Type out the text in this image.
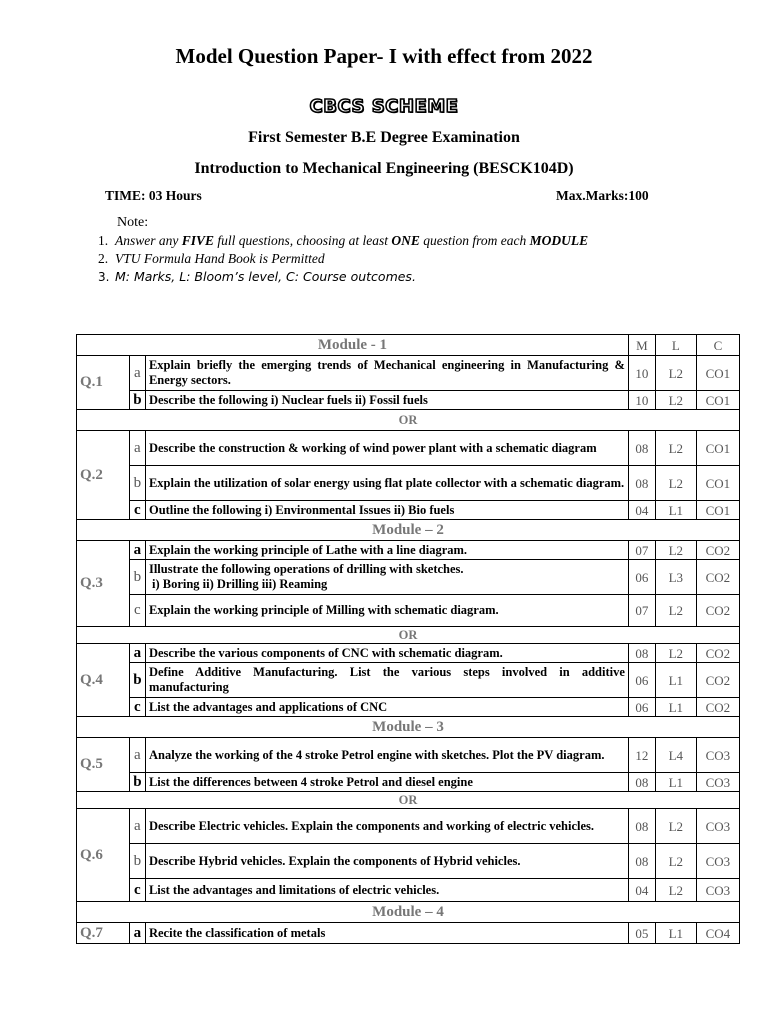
Model Question Paper- I with effect from 2022
CBCS SCHEME
First Semester B.E Degree Examination
Introduction to Mechanical Engineering (BESCK104D)
TIME: 03 Hours	Max.Marks:100
Note:
1. Answer any FIVE full questions, choosing at least ONE question from each MODULE
2. VTU Formula Hand Book is Permitted
3. M: Marks, L: Bloom’s level, C: Course outcomes.
Module - 1			M	L	C
Q.1	a	Explain briefly the emerging trends of Mechanical engineering in Manufacturing & Energy sectors.	10	L2	CO1
	b	Describe the following i) Nuclear fuels ii) Fossil fuels	10	L2	CO1
OR					
Q.2	a	Describe the construction & working of wind power plant with a schematic diagram	08	L2	CO1
	b	Explain the utilization of solar energy using flat plate collector with a schematic diagram.	08	L2	CO1
	c	Outline the following i) Environmental Issues ii) Bio fuels	04	L1	CO1
Module – 2					
Q.3	a	Explain the working principle of Lathe with a line diagram.	07	L2	CO2
	b	Illustrate the following operations of drilling with sketches.
i) Boring ii) Drilling iii) Reaming	06	L3	CO2
	c	Explain the working principle of Milling with schematic diagram.	07	L2	CO2
OR					
Q.4	a	Describe the various components of CNC with schematic diagram.	08	L2	CO2
	b	Define Additive Manufacturing. List the various steps involved in additive manufacturing	06	L1	CO2
	c	List the advantages and applications of CNC	06	L1	CO2
Module – 3					
Q.5	a	Analyze the working of the 4 stroke Petrol engine with sketches. Plot the PV diagram.	12	L4	CO3
	b	List the differences between 4 stroke Petrol and diesel engine	08	L1	CO3
OR					
Q.6	a	Describe Electric vehicles. Explain the components and working of electric vehicles.	08	L2	CO3
	b	Describe Hybrid vehicles. Explain the components of Hybrid vehicles.	08	L2	CO3
	c	List the advantages and limitations of electric vehicles.	04	L2	CO3
Module – 4					
Q.7	a	Recite the classification of metals	05	L1	CO4
